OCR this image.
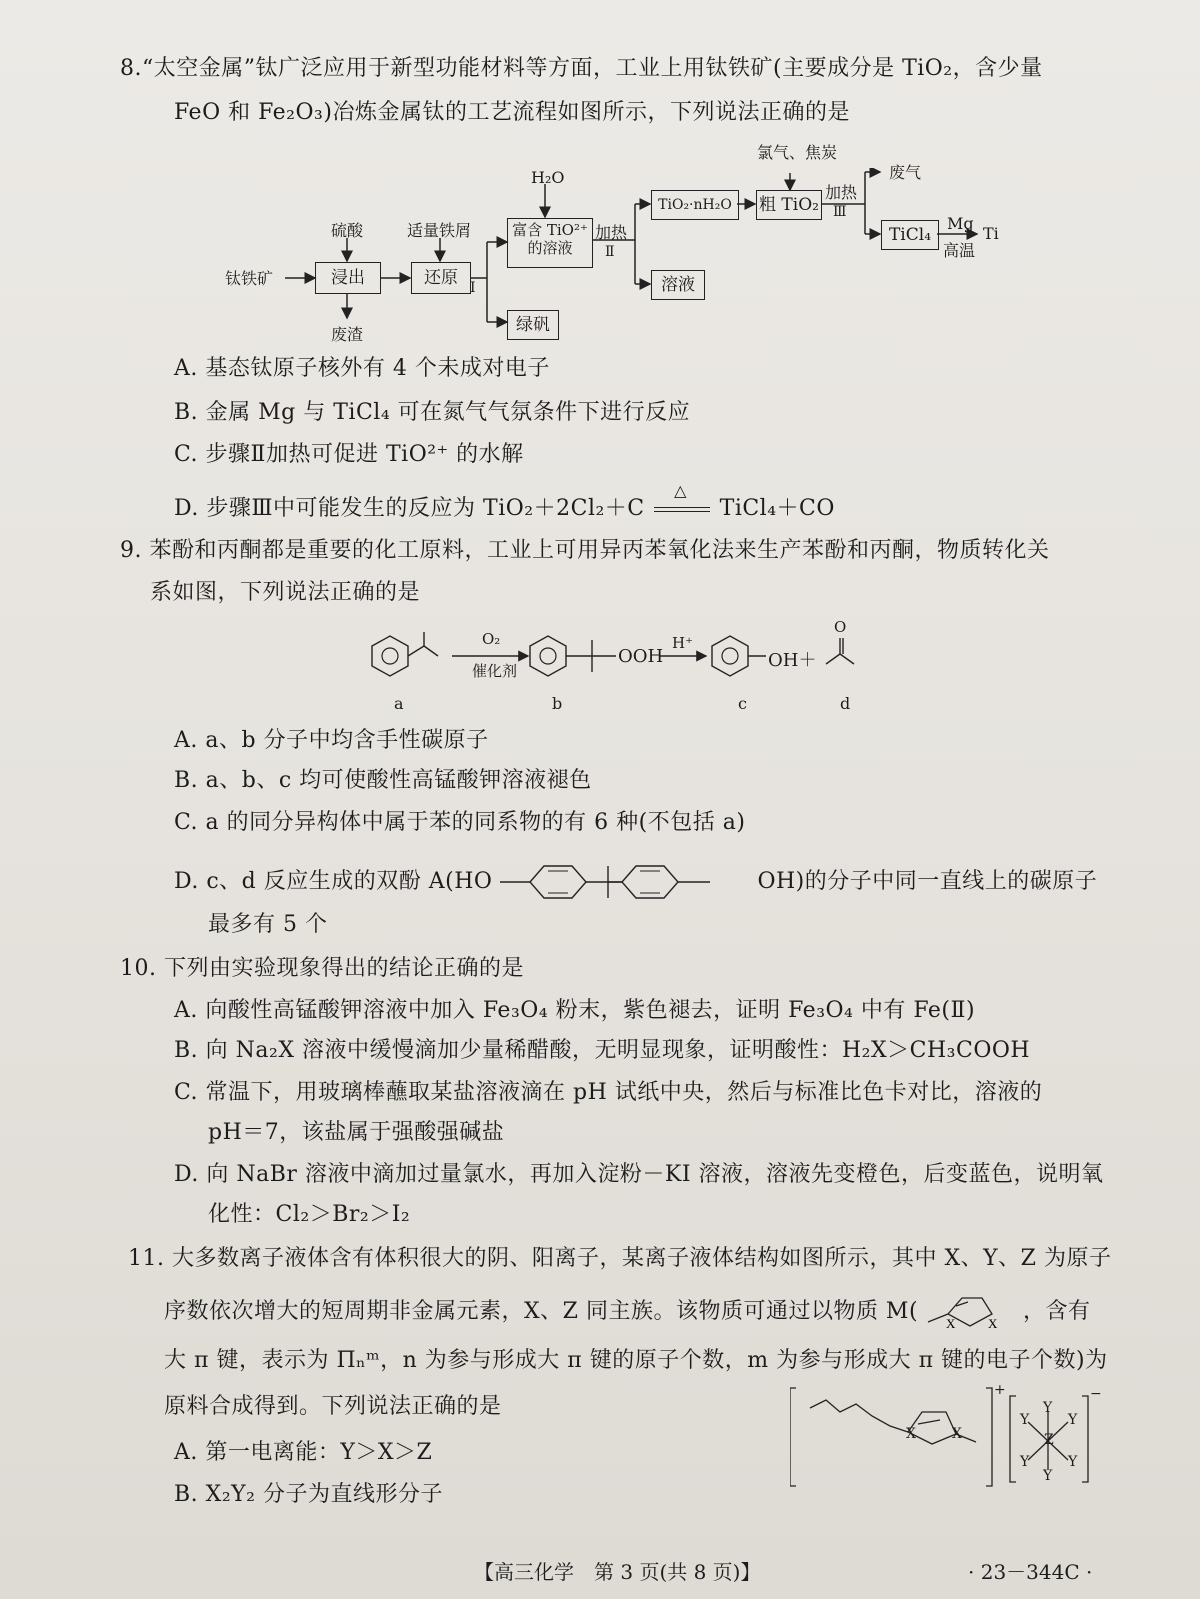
8.“太空金属”钛广泛应用于新型功能材料等方面，工业上用钛铁矿(主要成分是 TiO₂，含少量
FeO 和 Fe₂O₃)冶炼金属钛的工艺流程如图所示，下列说法正确的是
钛铁矿
硫酸
浸出
废渣
适量铁屑
还原 Ⅰ
H₂O
富含 TiO²⁺
的溶液
加热
Ⅱ
绿矾
溶液
TiO₂·nH₂O
氯气、焦炭
粗 TiO₂
加热
Ⅲ
废气
TiCl₄
Mg
高温
Ti
A. 基态钛原子核外有 4 个未成对电子
B. 金属 Mg 与 TiCl₄ 可在氮气气氛条件下进行反应
C. 步骤Ⅱ加热可促进 TiO²⁺ 的水解
D. 步骤Ⅲ中可能发生的反应为 TiO₂＋2Cl₂＋C
△
TiCl₄＋CO
9. 苯酚和丙酮都是重要的化工原料，工业上可用异丙苯氧化法来生产苯酚和丙酮，物质转化关
系如图，下列说法正确的是
O₂
催化剂
OOH
H⁺
OH＋
O
a	b	c	d
A. a、b 分子中均含手性碳原子
B. a、b、c 均可使酸性高锰酸钾溶液褪色
C. a 的同分异构体中属于苯的同系物的有 6 种(不包括 a)
D. c、d 反应生成的双酚 A(HO	OH)的分子中同一直线上的碳原子
最多有 5 个
10. 下列由实验现象得出的结论正确的是
A. 向酸性高锰酸钾溶液中加入 Fe₃O₄ 粉末，紫色褪去，证明 Fe₃O₄ 中有 Fe(Ⅱ)
B. 向 Na₂X 溶液中缓慢滴加少量稀醋酸，无明显现象，证明酸性：H₂X＞CH₃COOH
C. 常温下，用玻璃棒蘸取某盐溶液滴在 pH 试纸中央，然后与标准比色卡对比，溶液的
pH＝7，该盐属于强酸强碱盐
D. 向 NaBr 溶液中滴加过量氯水，再加入淀粉－KI 溶液，溶液先变橙色，后变蓝色，说明氧
化性：Cl₂＞Br₂＞I₂
11. 大多数离子液体含有体积很大的阴、阳离子，某离子液体结构如图所示，其中 X、Y、Z 为原子
序数依次增大的短周期非金属元素，X、Z 同主族。该物质可通过以物质 M( X X ，含有
大 π 键，表示为 Πₙᵐ，n 为参与形成大 π 键的原子个数，m 为参与形成大 π 键的电子个数)为
原料合成得到。下列说法正确的是
X	X
+
Y
Y	Y
Z
Y	Y
Y
−
A. 第一电离能：Y＞X＞Z
B. X₂Y₂ 分子为直线形分子
【高三化学　第 3 页(共 8 页)】	· 23－344C ·
